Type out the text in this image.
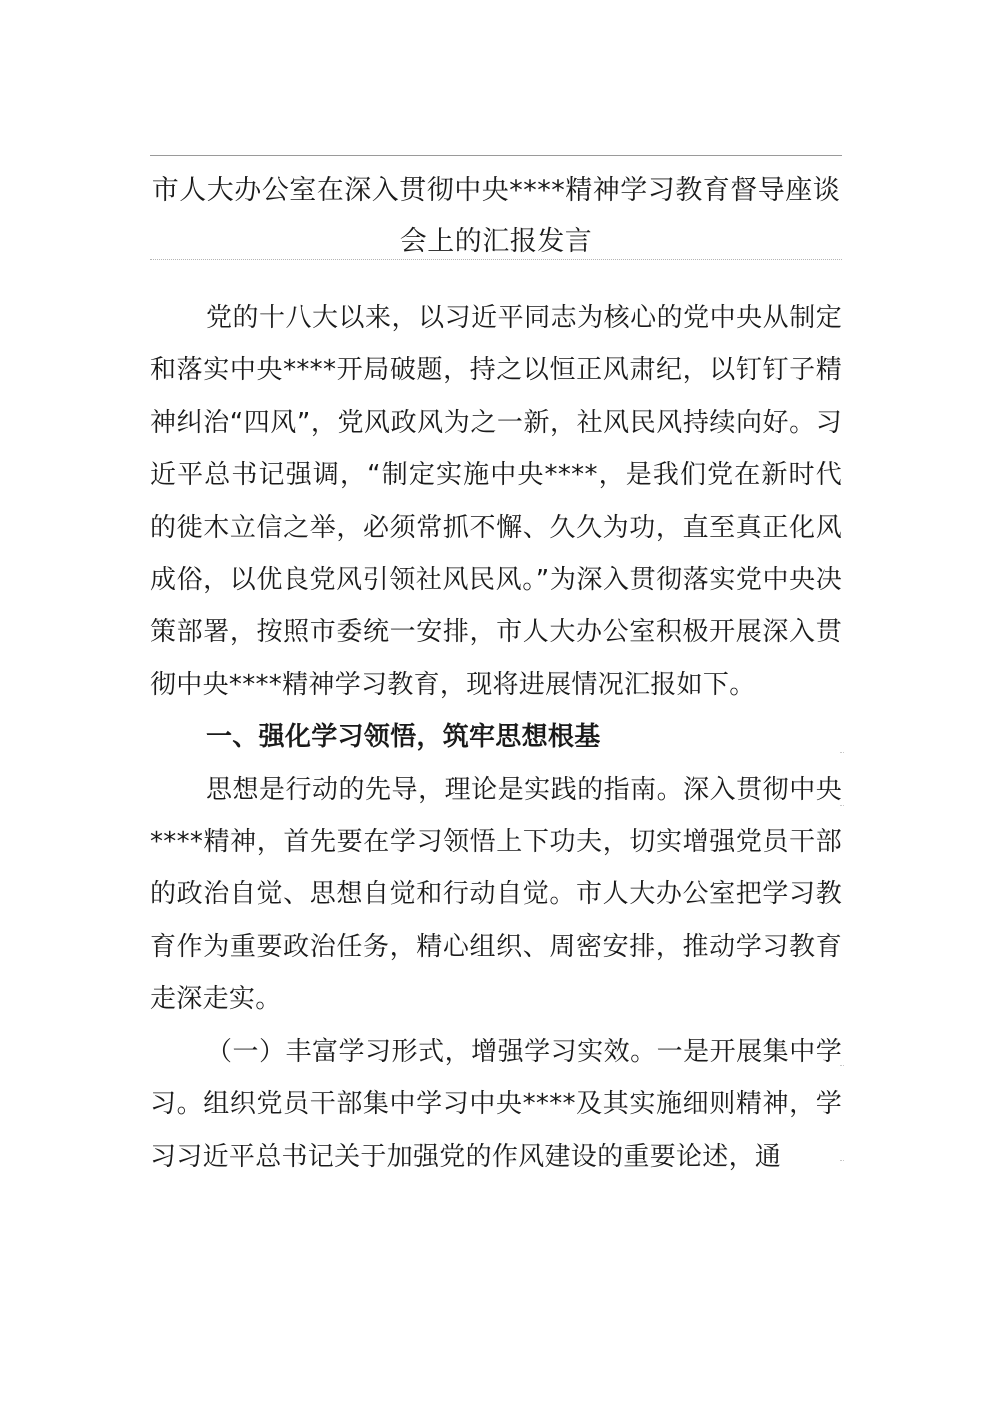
市人大办公室在深入贯彻中央****精神学习教育督导座谈
会上的汇报发言

党的十八大以来，以习近平同志为核心的党中央从制定和落实中央****开局破题，持之以恒正风肃纪，以钉钉子精神纠治“四风”，党风政风为之一新，社风民风持续向好。习近平总书记强调，“制定实施中央****，是我们党在新时代的徙木立信之举，必须常抓不懈、久久为功，直至真正化风成俗，以优良党风引领社风民风。”为深入贯彻落实党中央决策部署，按照市委统一安排，市人大办公室积极开展深入贯彻中央****精神学习教育，现将进展情况汇报如下。

一、强化学习领悟，筑牢思想根基

思想是行动的先导，理论是实践的指南。深入贯彻中央****精神，首先要在学习领悟上下功夫，切实增强党员干部的政治自觉、思想自觉和行动自觉。市人大办公室把学习教育作为重要政治任务，精心组织、周密安排，推动学习教育走深走实。

（一）丰富学习形式，增强学习实效。一是开展集中学习。组织党员干部集中学习中央****及其实施细则精神，学习习近平总书记关于加强党的作风建设的重要论述，通
